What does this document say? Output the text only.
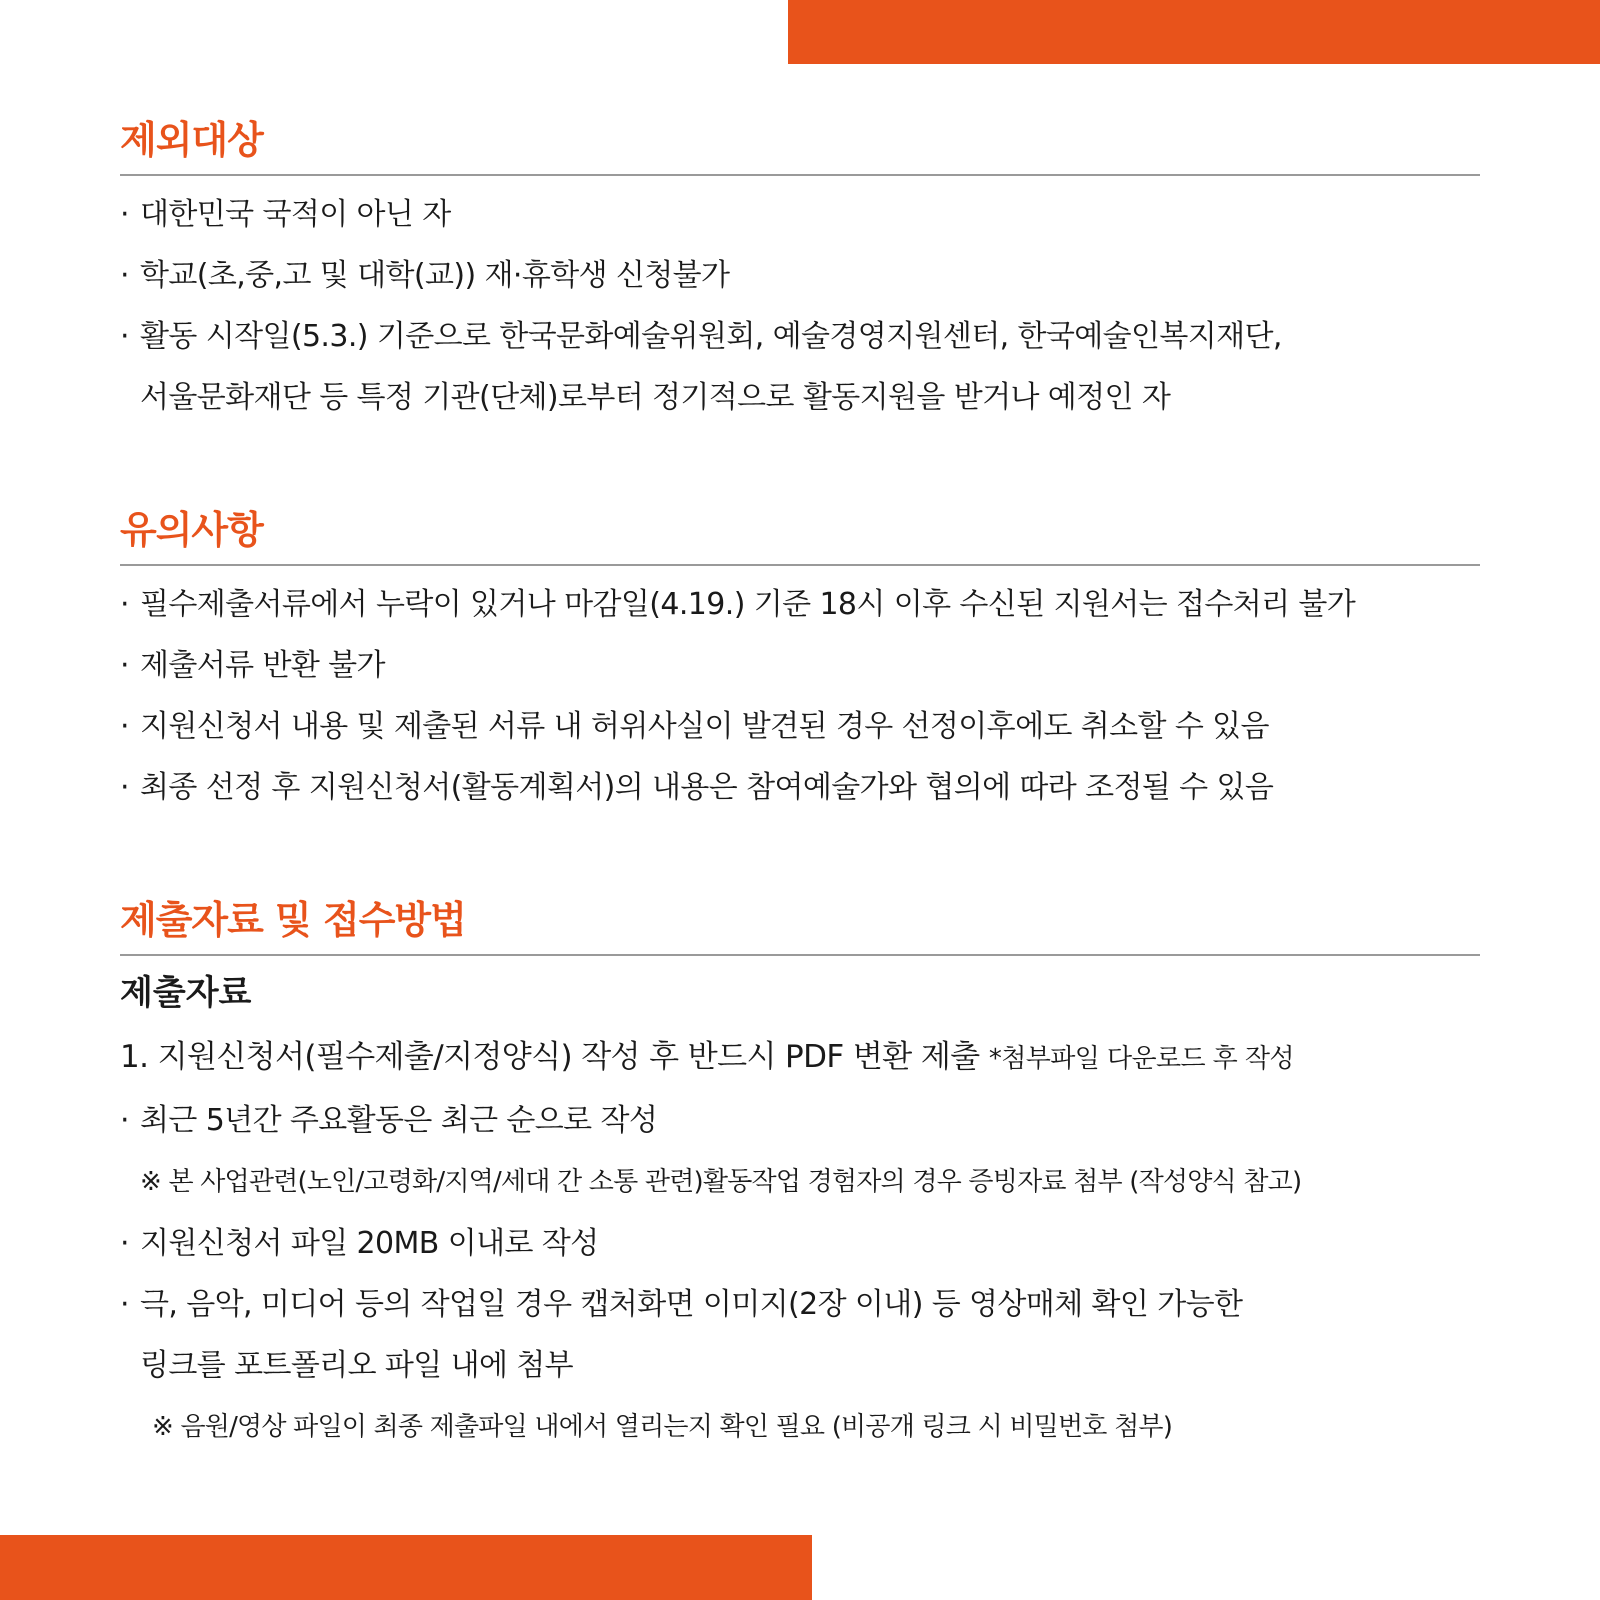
제외대상
· 대한민국 국적이 아닌 자
· 학교(초,중,고 및 대학(교)) 재·휴학생 신청불가
· 활동 시작일(5.3.) 기준으로 한국문화예술위원회, 예술경영지원센터, 한국예술인복지재단,
서울문화재단 등 특정 기관(단체)로부터 정기적으로 활동지원을 받거나 예정인 자
유의사항
· 필수제출서류에서 누락이 있거나 마감일(4.19.) 기준 18시 이후 수신된 지원서는 접수처리 불가
· 제출서류 반환 불가
· 지원신청서 내용 및 제출된 서류 내 허위사실이 발견된 경우 선정이후에도 취소할 수 있음
· 최종 선정 후 지원신청서(활동계획서)의 내용은 참여예술가와 협의에 따라 조정될 수 있음
제출자료 및 접수방법
제출자료
1. 지원신청서(필수제출/지정양식) 작성 후 반드시 PDF 변환 제출 *첨부파일 다운로드 후 작성
· 최근 5년간 주요활동은 최근 순으로 작성
※ 본 사업관련(노인/고령화/지역/세대 간 소통 관련)활동작업 경험자의 경우 증빙자료 첨부 (작성양식 참고)
· 지원신청서 파일 20MB 이내로 작성
· 극, 음악, 미디어 등의 작업일 경우 캡처화면 이미지(2장 이내) 등 영상매체 확인 가능한
링크를 포트폴리오 파일 내에 첨부
※ 음원/영상 파일이 최종 제출파일 내에서 열리는지 확인 필요 (비공개 링크 시 비밀번호 첨부)
